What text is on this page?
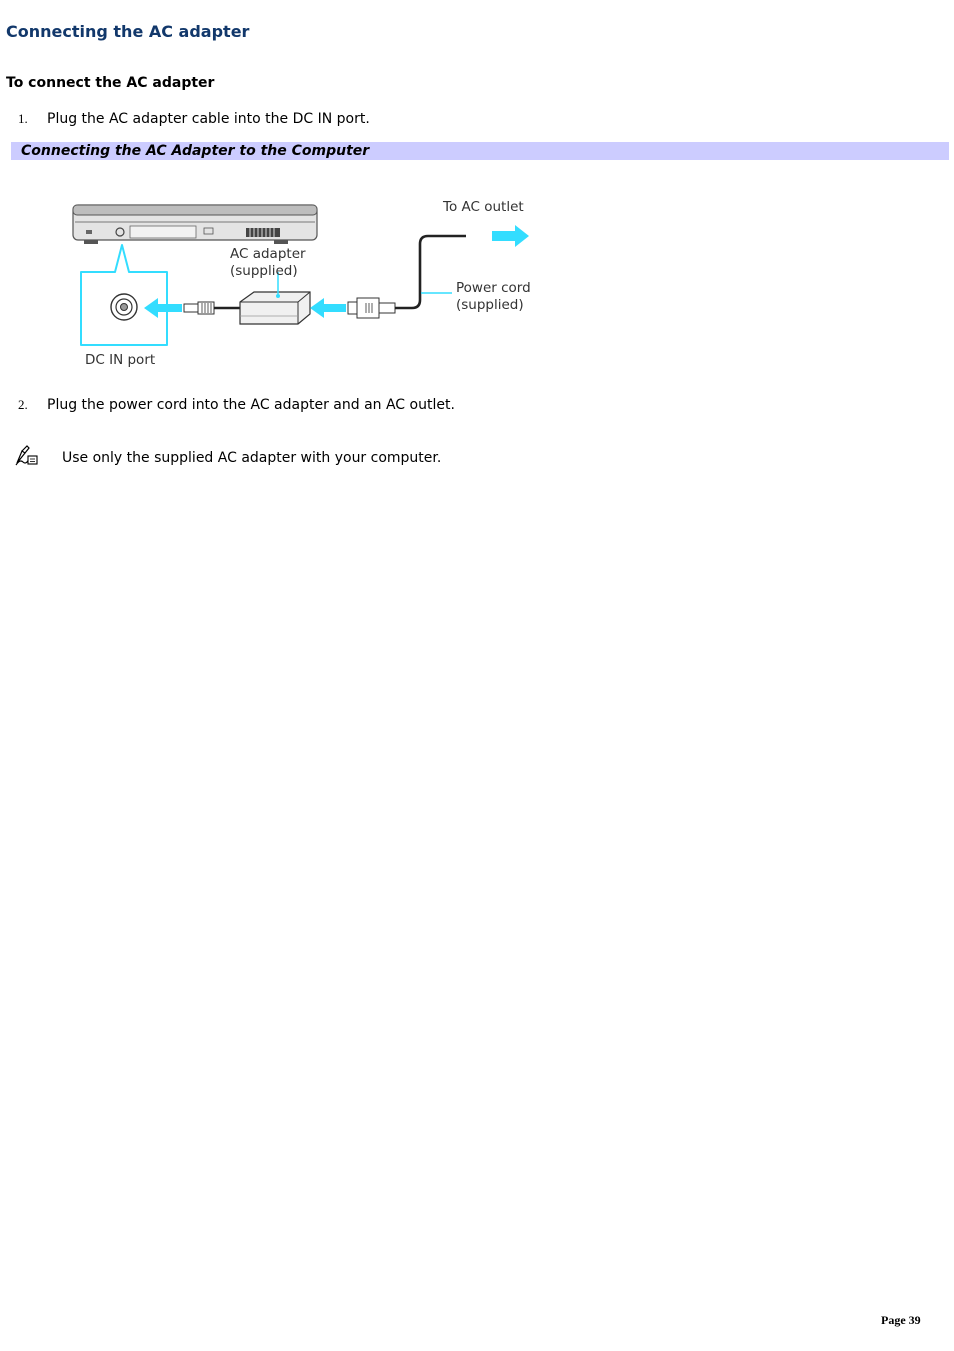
Connecting the AC adapter
To connect the AC adapter
1. Plug the AC adapter cable into the DC IN port.
Connecting the AC Adapter to the Computer
To AC outlet
AC adapter
(supplied)
Power cord
(supplied)
DC IN port
2. Plug the power cord into the AC adapter and an AC outlet.
Use only the supplied AC adapter with your computer.
Page 39
